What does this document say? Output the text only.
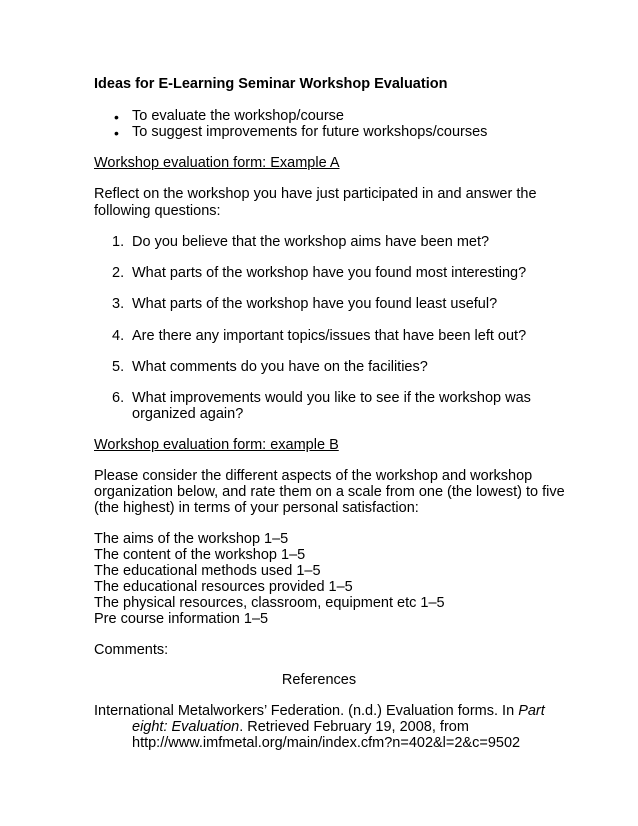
Ideas for E-Learning Seminar Workshop Evaluation
• To evaluate the workshop/course
• To suggest improvements for future workshops/courses
Workshop evaluation form: Example A
Reflect on the workshop you have just participated in and answer the
following questions:
1. Do you believe that the workshop aims have been met?
2. What parts of the workshop have you found most interesting?
3. What parts of the workshop have you found least useful?
4. Are there any important topics/issues that have been left out?
5. What comments do you have on the facilities?
6. What improvements would you like to see if the workshop was
organized again?
Workshop evaluation form: example B
Please consider the different aspects of the workshop and workshop
organization below, and rate them on a scale from one (the lowest) to five
(the highest) in terms of your personal satisfaction:
The aims of the workshop 1–5
The content of the workshop 1–5
The educational methods used 1–5
The educational resources provided 1–5
The physical resources, classroom, equipment etc 1–5
Pre course information 1–5
Comments:
References
International Metalworkers’ Federation. (n.d.) Evaluation forms. In Part
eight: Evaluation. Retrieved February 19, 2008, from
http://www.imfmetal.org/main/index.cfm?n=402&l=2&c=9502
